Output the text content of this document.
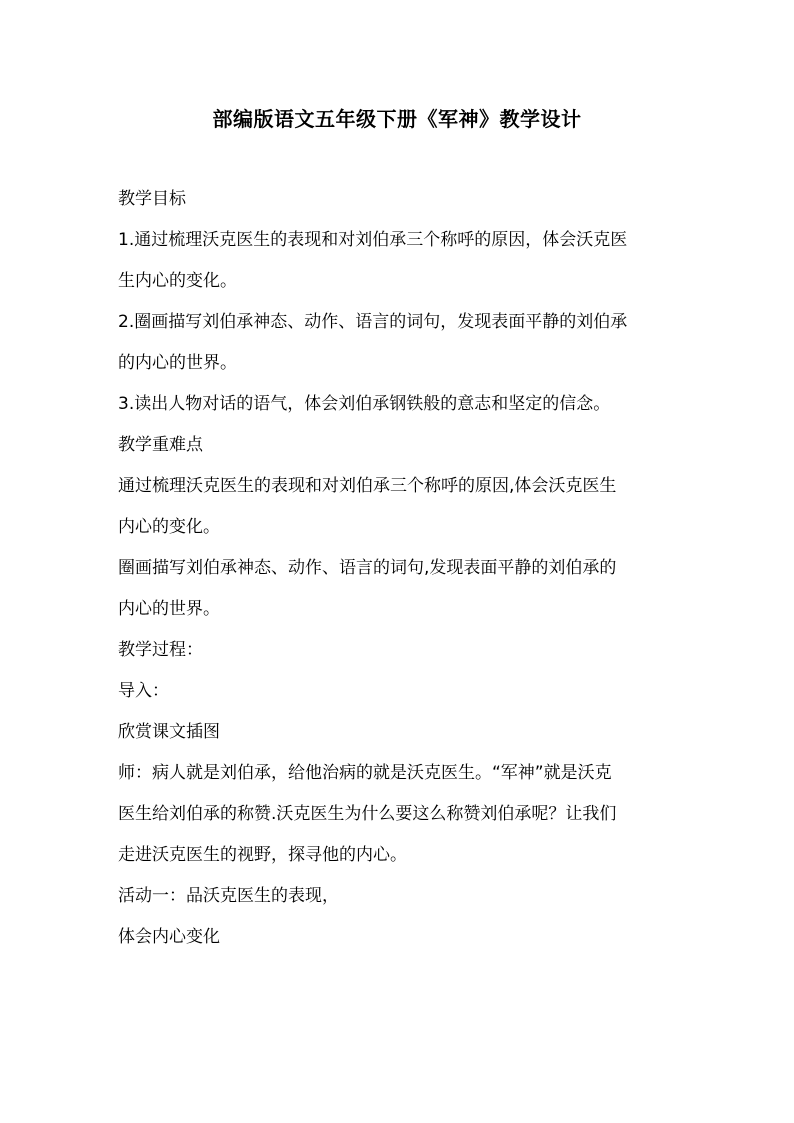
部编版语文五年级下册《军神》教学设计
教学目标
1.通过梳理沃克医生的表现和对刘伯承三个称呼的原因，体会沃克医
生内心的变化。
2.圈画描写刘伯承神态、动作、语言的词句，发现表面平静的刘伯承
的内心的世界。
3.读出人物对话的语气，体会刘伯承钢铁般的意志和坚定的信念。
教学重难点
通过梳理沃克医生的表现和对刘伯承三个称呼的原因,体会沃克医生
内心的变化。
圈画描写刘伯承神态、动作、语言的词句,发现表面平静的刘伯承的
内心的世界。
教学过程：
导入：
欣赏课文插图
师：病人就是刘伯承，给他治病的就是沃克医生。“军神”就是沃克
医生给刘伯承的称赞.沃克医生为什么要这么称赞刘伯承呢？让我们
走进沃克医生的视野，探寻他的内心。
活动一：品沃克医生的表现，
体会内心变化
